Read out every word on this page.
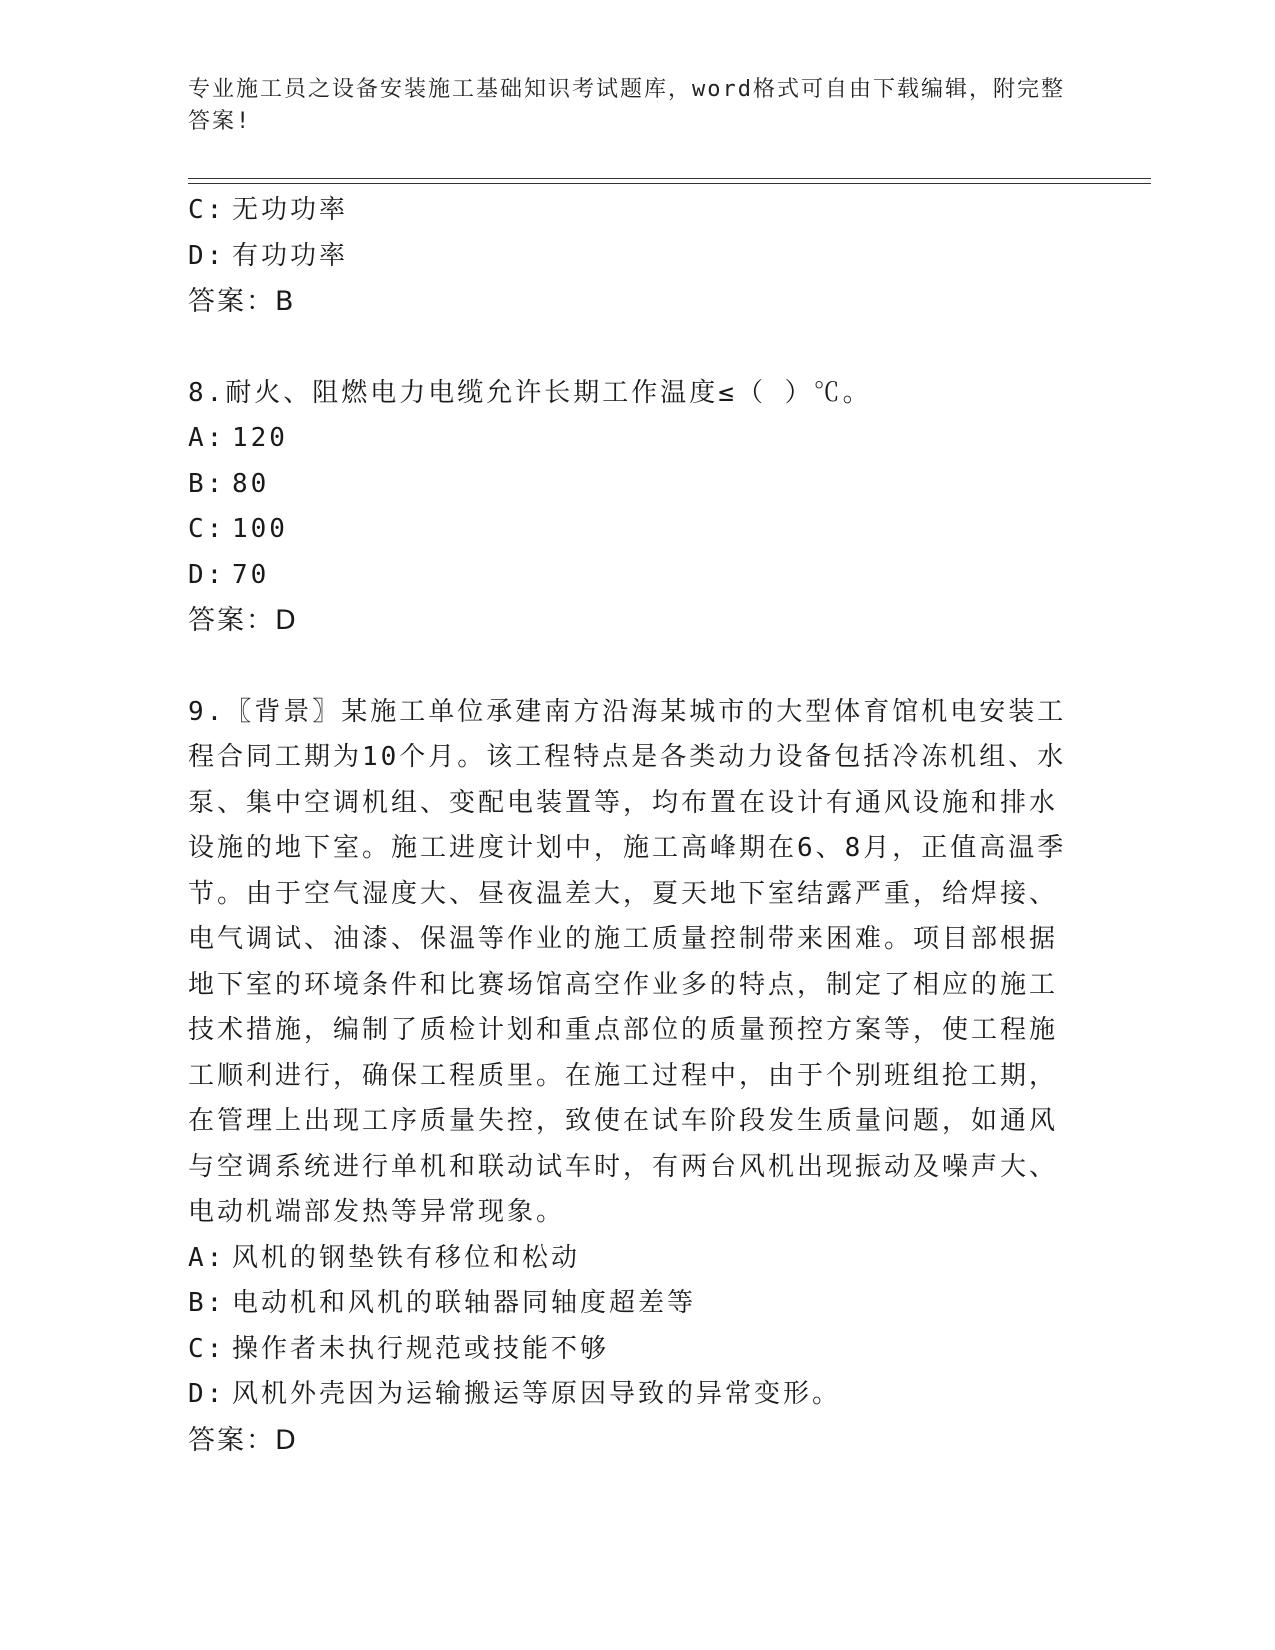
专业施工员之设备安装施工基础知识考试题库，word格式可自由下载编辑，附完整答案!
C: 无功功率
D: 有功功率
答案：B
8.耐火、阻燃电力电缆允许长期工作温度≤（ ）℃。
A: 120
B: 80
C: 100
D: 70
答案：D
9.〖背景〗某施工单位承建南方沿海某城市的大型体育馆机电安装工
程合同工期为10个月。该工程特点是各类动力设备包括冷冻机组、水
泵、集中空调机组、变配电装置等，均布置在设计有通风设施和排水
设施的地下室。施工进度计划中，施工高峰期在6、8月，正值高温季
节。由于空气湿度大、昼夜温差大，夏天地下室结露严重，给焊接、
电气调试、油漆、保温等作业的施工质量控制带来困难。项目部根据
地下室的环境条件和比赛场馆高空作业多的特点，制定了相应的施工
技术措施，编制了质检计划和重点部位的质量预控方案等，使工程施
工顺利进行，确保工程质里。在施工过程中，由于个别班组抢工期，
在管理上出现工序质量失控，致使在试车阶段发生质量问题，如通风
与空调系统进行单机和联动试车时，有两台风机出现振动及噪声大、
电动机端部发热等异常现象。
A: 风机的钢垫铁有移位和松动
B: 电动机和风机的联轴器同轴度超差等
C: 操作者未执行规范或技能不够
D: 风机外壳因为运输搬运等原因导致的异常变形。
答案：D
